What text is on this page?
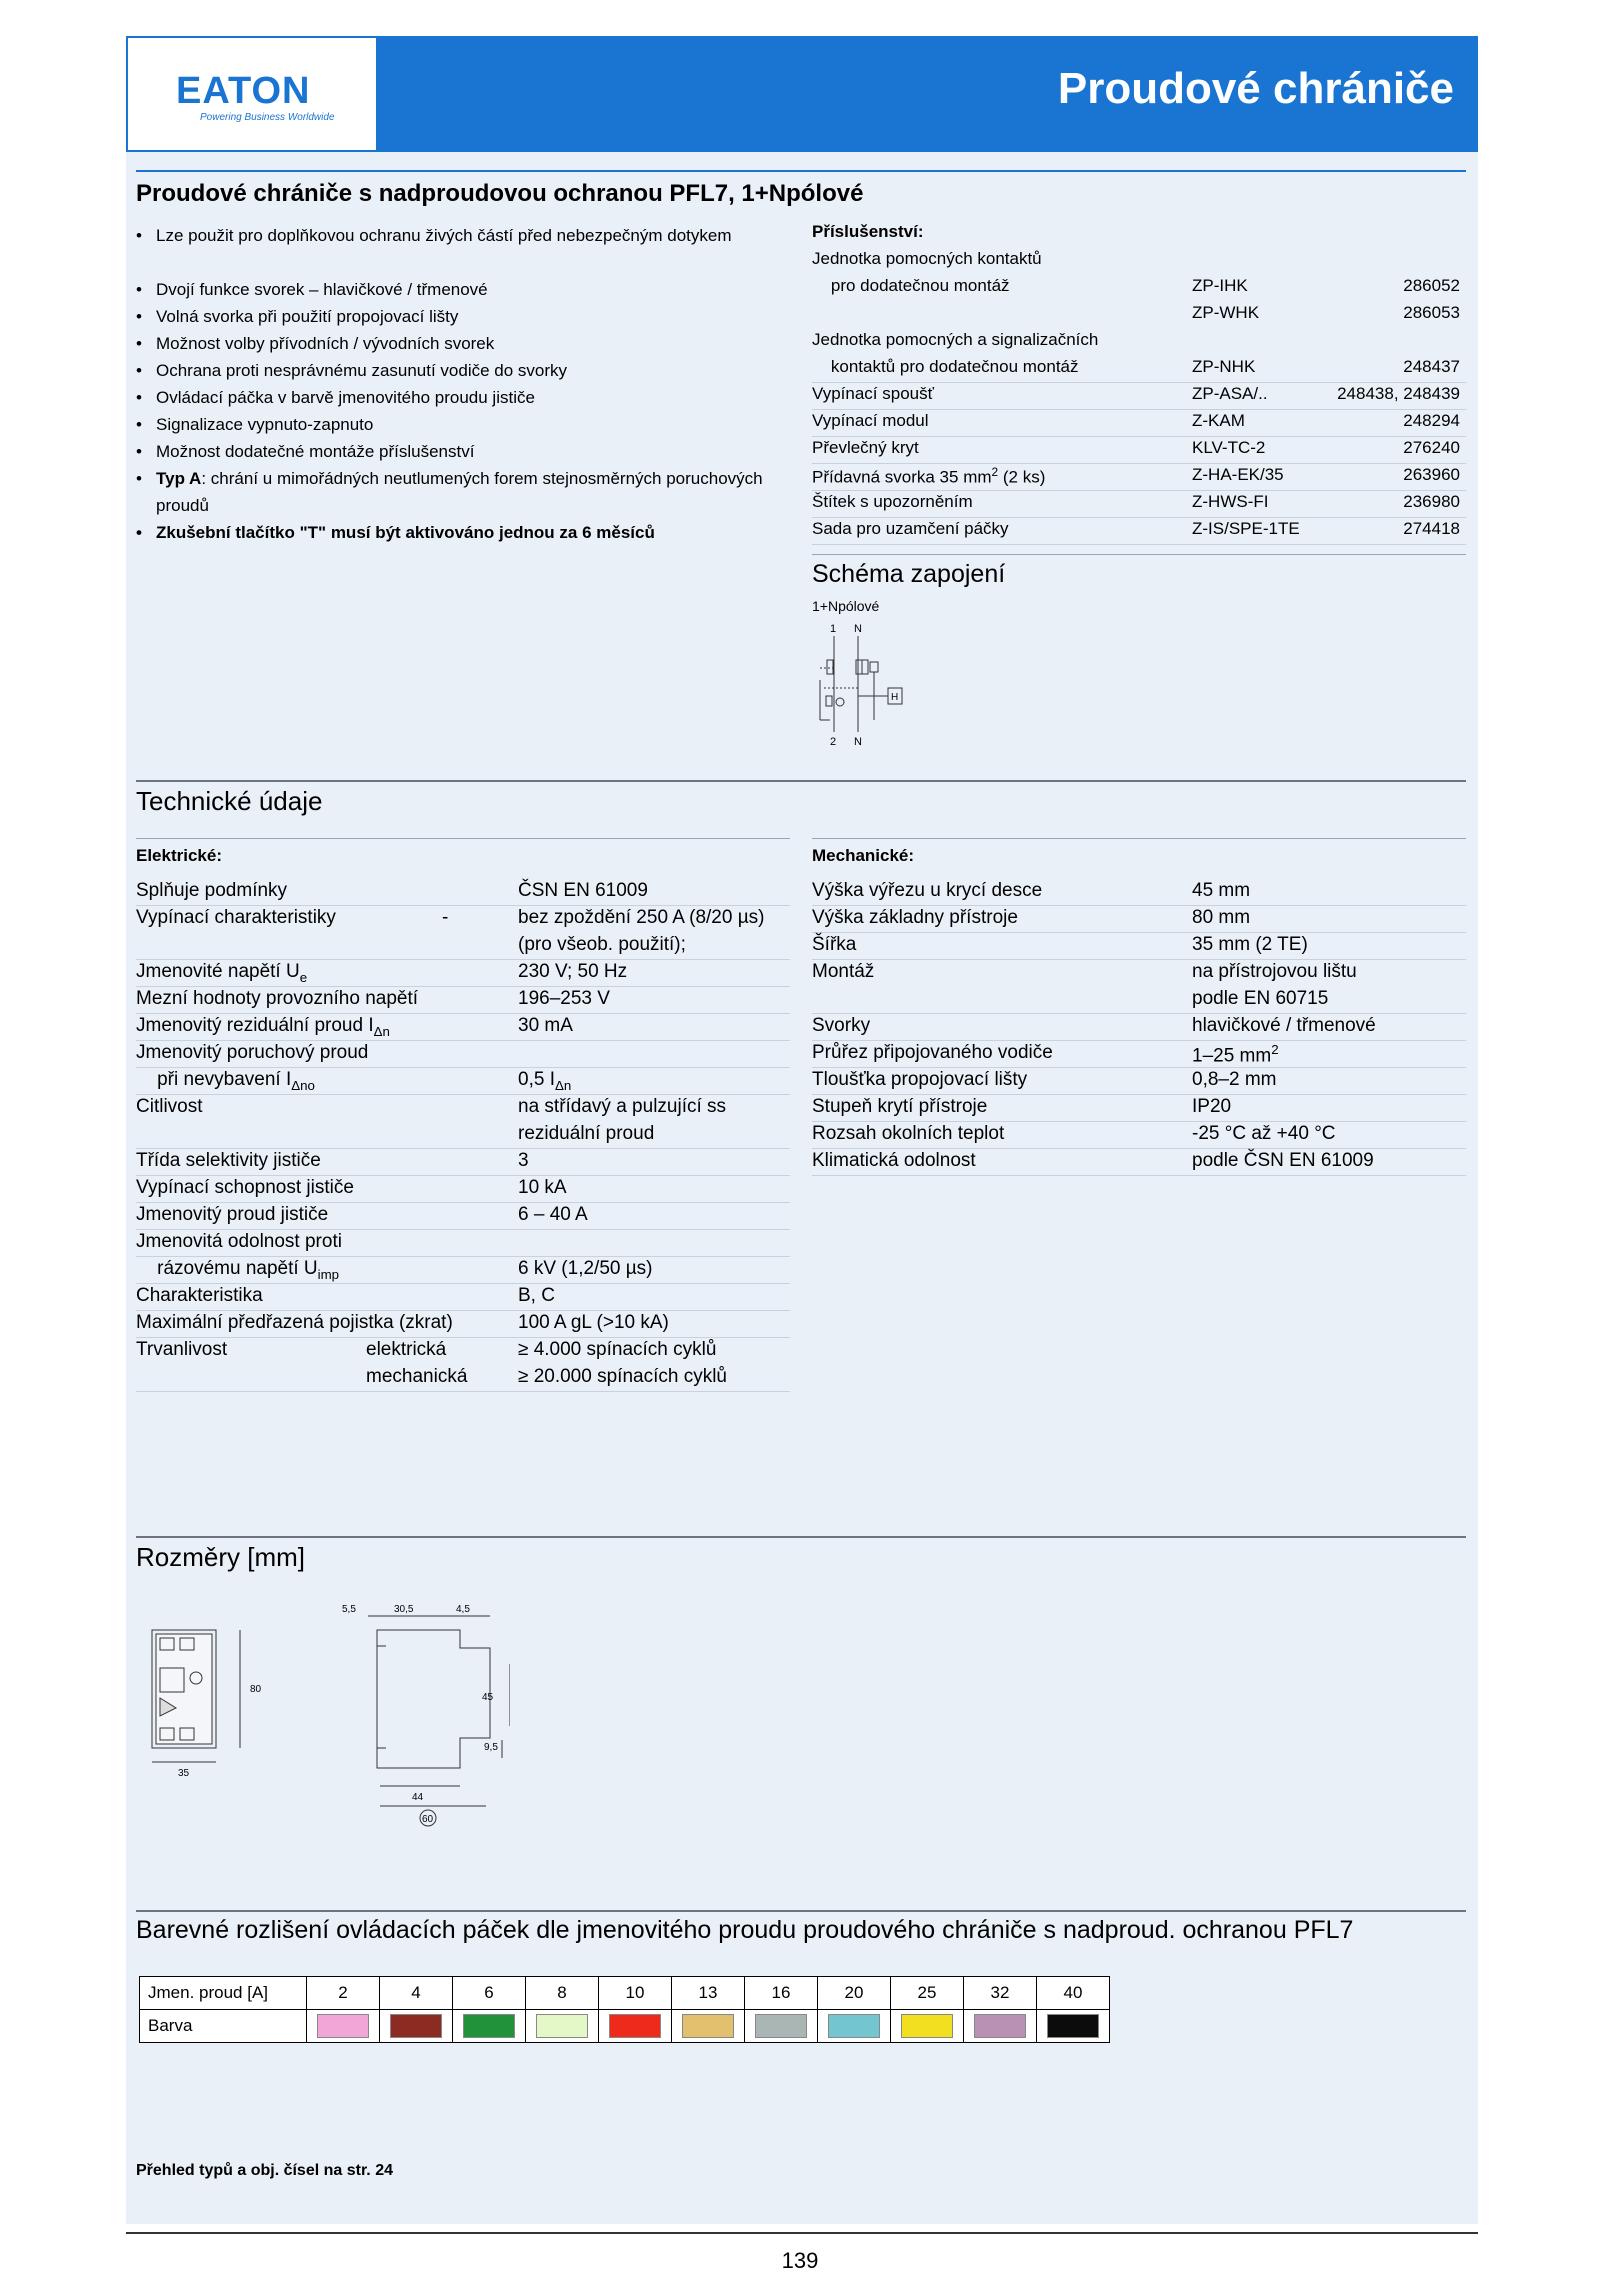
EATON
Powering Business Worldwide
Proudové chrániče
Proudové chrániče s nadproudovou ochranou PFL7, 1+Npólové
• Lze použit pro doplňkovou ochranu živých částí před nebezpečným dotykem
• Dvojí funkce svorek – hlavičkové / třmenové
• Volná svorka při použití propojovací lišty
• Možnost volby přívodních / vývodních svorek
• Ochrana proti nesprávnému zasunutí vodiče do svorky
• Ovládací páčka v barvě jmenovitého proudu jističe
• Signalizace vypnuto-zapnuto
• Možnost dodatečné montáže příslušenství
• Typ A: chrání u mimořádných neutlumených forem stejnosměrných poruchových proudů
• Zkušební tlačítko "T" musí být aktivováno jednou za 6 měsíců
Příslušenství:
Jednotka pomocných kontaktů
pro dodatečnou montáž	ZP-IHK	286052
ZP-WHK	286053
Jednotka pomocných a signalizačních
kontaktů pro dodatečnou montáž	ZP-NHK	248437
Vypínací spoušť	ZP-ASA/..	248438, 248439
Vypínací modul	Z-KAM	248294
Převlečný kryt	KLV-TC-2	276240
Přídavná svorka 35 $mm^2$ (2 ks)	Z-HA-EK/35	263960
Štítek s upozorněním	Z-HWS-FI	236980
Sada pro uzamčení páčky	Z-IS/SPE-1TE	274418
Schéma zapojení
1+Npólové
1 N
2 N
H
Technické údaje
Elektrické:	Mechanické:
Splňuje podmínky	ČSN EN 61009
Vypínací charakteristiky	-	bez zpoždění 250 A (8/20 µs)
(pro všeob. použití);
Jmenovité napětí $U_e$	230 V; 50 Hz
Mezní hodnoty provozního napětí	196–253 V
Jmenovitý reziduální proud $I_{\Delta n}$	30 mA
Jmenovitý poruchový proud
při nevybavení $I_{\Delta no}$	0,5 $I_{\Delta n}$
Citlivost	na střídavý a pulzující ss
reziduální proud
Třída selektivity jističe	3
Vypínací schopnost jističe	10 kA
Jmenovitý proud jističe	6 – 40 A
Jmenovitá odolnost proti
rázovému napětí $U_{imp}$	6 kV (1,2/50 µs)
Charakteristika	B, C
Maximální předřazená pojistka (zkrat)	100 A gL (>10 kA)
Trvanlivost	elektrická	≥ 4.000 spínacích cyklů
mechanická	≥ 20.000 spínacích cyklů
Výška výřezu u krycí desce	45 mm
Výška základny přístroje	80 mm
Šířka	35 mm (2 TE)
Montáž	na přístrojovou lištu
podle EN 60715
Svorky	hlavičkové / třmenové
Průřez připojovaného vodiče	1–25 $mm^2$
Tloušťka propojovací lišty	0,8–2 mm
Stupeň krytí přístroje	IP20
Rozsah okolních teplot	-25 °C až +40 °C
Klimatická odolnost	podle ČSN EN 61009
Rozměry [mm]
80
35
5,5	30,5	4,5
45
9,5
44
60
Barevné rozlišení ovládacích páček dle jmenovitého proudu proudového chrániče s nadproud. ochranou PFL7
Jmen. proud [A]	2	4	6	8	10	13	16	20	25	32	40
Barva											
Přehled typů a obj. čísel na str. 24
139
